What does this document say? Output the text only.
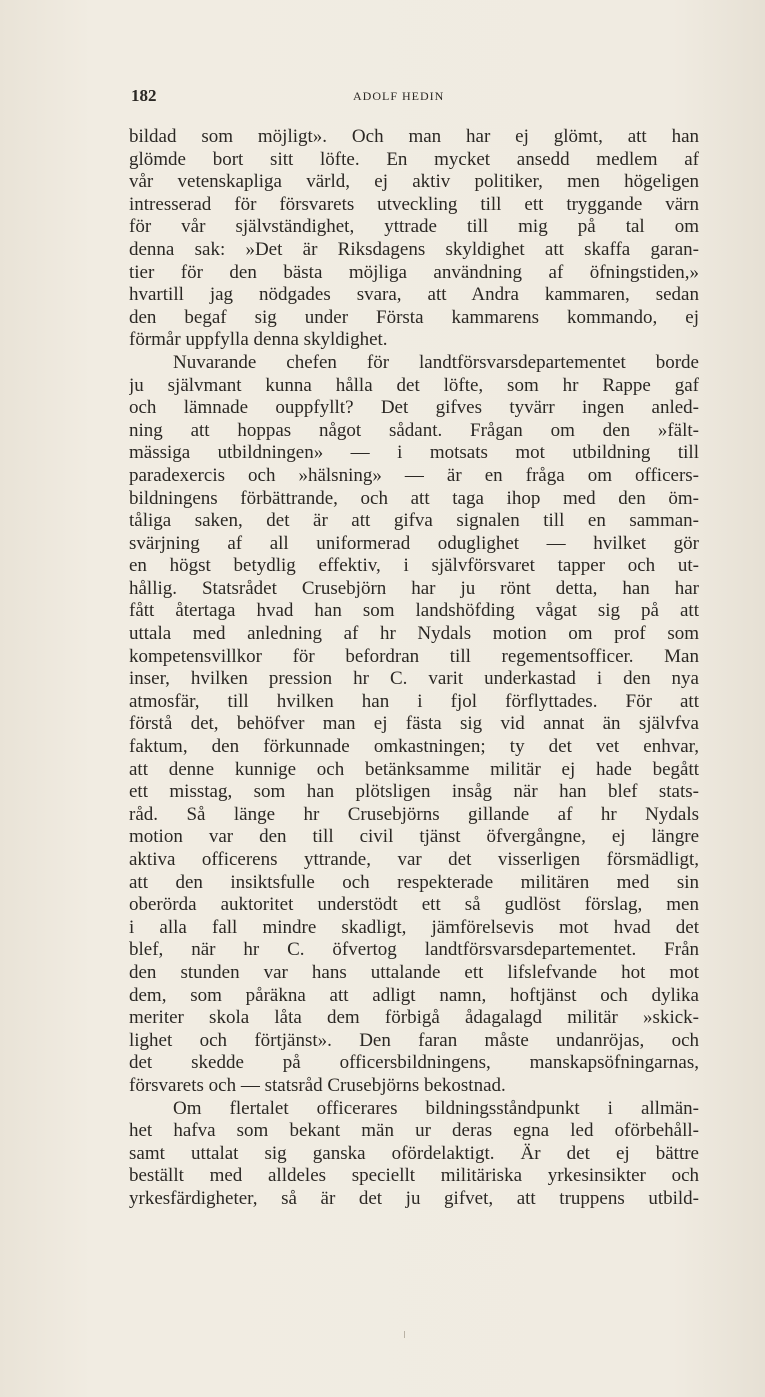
182	ADOLF HEDIN
bildad som möjligt». Och man har ej glömt, att han
glömde bort sitt löfte. En mycket ansedd medlem af
vår vetenskapliga värld, ej aktiv politiker, men högeligen
intresserad för försvarets utveckling till ett tryggande värn
för vår självständighet, yttrade till mig på tal om
denna sak: »Det är Riksdagens skyldighet att skaffa garan-
tier för den bästa möjliga användning af öfningstiden,»
hvartill jag nödgades svara, att Andra kammaren, sedan
den begaf sig under Första kammarens kommando, ej
förmår uppfylla denna skyldighet.
Nuvarande chefen för landtförsvarsdepartementet borde
ju självmant kunna hålla det löfte, som hr Rappe gaf
och lämnade ouppfyllt? Det gifves tyvärr ingen anled-
ning att hoppas något sådant. Frågan om den »fält-
mässiga utbildningen» — i motsats mot utbildning till
paradexercis och »hälsning» — är en fråga om officers-
bildningens förbättrande, och att taga ihop med den öm-
tåliga saken, det är att gifva signalen till en samman-
svärjning af all uniformerad oduglighet — hvilket gör
en högst betydlig effektiv, i självförsvaret tapper och ut-
hållig. Statsrådet Crusebjörn har ju rönt detta, han har
fått återtaga hvad han som landshöfding vågat sig på att
uttala med anledning af hr Nydals motion om prof som
kompetensvillkor för befordran till regementsofficer. Man
inser, hvilken pression hr C. varit underkastad i den nya
atmosfär, till hvilken han i fjol förflyttades. För att
förstå det, behöfver man ej fästa sig vid annat än självfva
faktum, den förkunnade omkastningen; ty det vet enhvar,
att denne kunnige och betänksamme militär ej hade begått
ett misstag, som han plötsligen insåg när han blef stats-
råd. Så länge hr Crusebjörns gillande af hr Nydals
motion var den till civil tjänst öfvergångne, ej längre
aktiva officerens yttrande, var det visserligen försmädligt,
att den insiktsfulle och respekterade militären med sin
oberörda auktoritet understödt ett så gudlöst förslag, men
i alla fall mindre skadligt, jämförelsevis mot hvad det
blef, när hr C. öfvertog landtförsvarsdepartementet. Från
den stunden var hans uttalande ett lifslefvande hot mot
dem, som påräkna att adligt namn, hoftjänst och dylika
meriter skola låta dem förbigå ådagalagd militär »skick-
lighet och förtjänst». Den faran måste undanröjas, och
det skedde på officersbildningens, manskapsöfningarnas,
försvarets och — statsråd Crusebjörns bekostnad.
Om flertalet officerares bildningsståndpunkt i allmän-
het hafva som bekant män ur deras egna led oförbehåll-
samt uttalat sig ganska ofördelaktigt. Är det ej bättre
beställt med alldeles speciellt militäriska yrkesinsikter och
yrkesfärdigheter, så är det ju gifvet, att truppens utbild-
